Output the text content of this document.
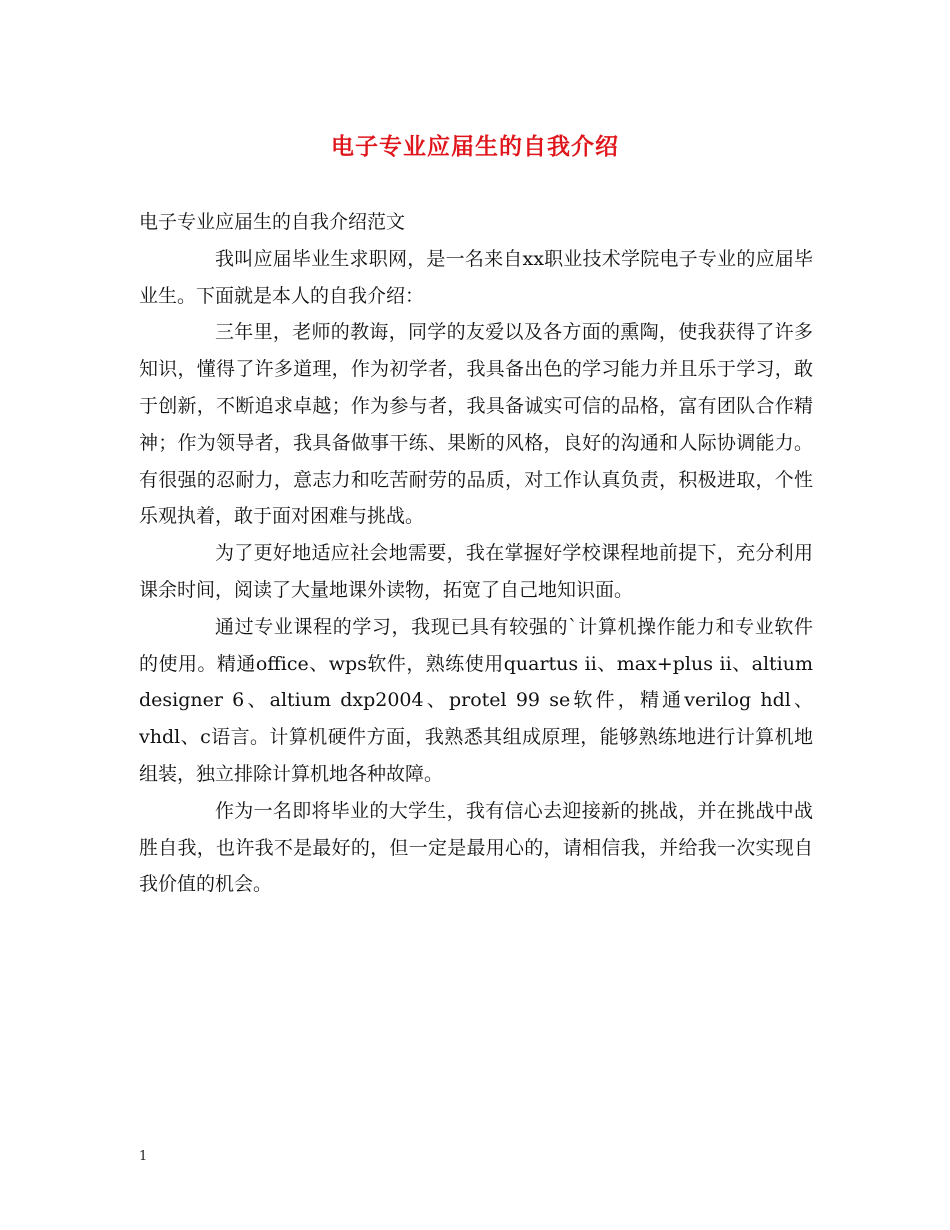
电子专业应届生的自我介绍

电子专业应届生的自我介绍范文

我叫应届毕业生求职网，是一名来自xx职业技术学院电子专业的应届毕业生。下面就是本人的自我介绍：

三年里，老师的教诲，同学的友爱以及各方面的熏陶，使我获得了许多知识，懂得了许多道理，作为初学者，我具备出色的学习能力并且乐于学习，敢于创新，不断追求卓越；作为参与者，我具备诚实可信的品格，富有团队合作精神；作为领导者，我具备做事干练、果断的风格，良好的沟通和人际协调能力。有很强的忍耐力，意志力和吃苦耐劳的品质，对工作认真负责，积极进取，个性乐观执着，敢于面对困难与挑战。

为了更好地适应社会地需要，我在掌握好学校课程地前提下，充分利用课余时间，阅读了大量地课外读物，拓宽了自己地知识面。

通过专业课程的学习，我现已具有较强的`计算机操作能力和专业软件的使用。精通office、wps软件，熟练使用quartus ii、max+plus ii、altium designer 6、altium dxp2004、protel 99 se软件，精通verilog hdl、vhdl、c语言。计算机硬件方面，我熟悉其组成原理，能够熟练地进行计算机地组装，独立排除计算机地各种故障。

作为一名即将毕业的大学生，我有信心去迎接新的挑战，并在挑战中战胜自我，也许我不是最好的，但一定是最用心的，请相信我，并给我一次实现自我价值的机会。

1
